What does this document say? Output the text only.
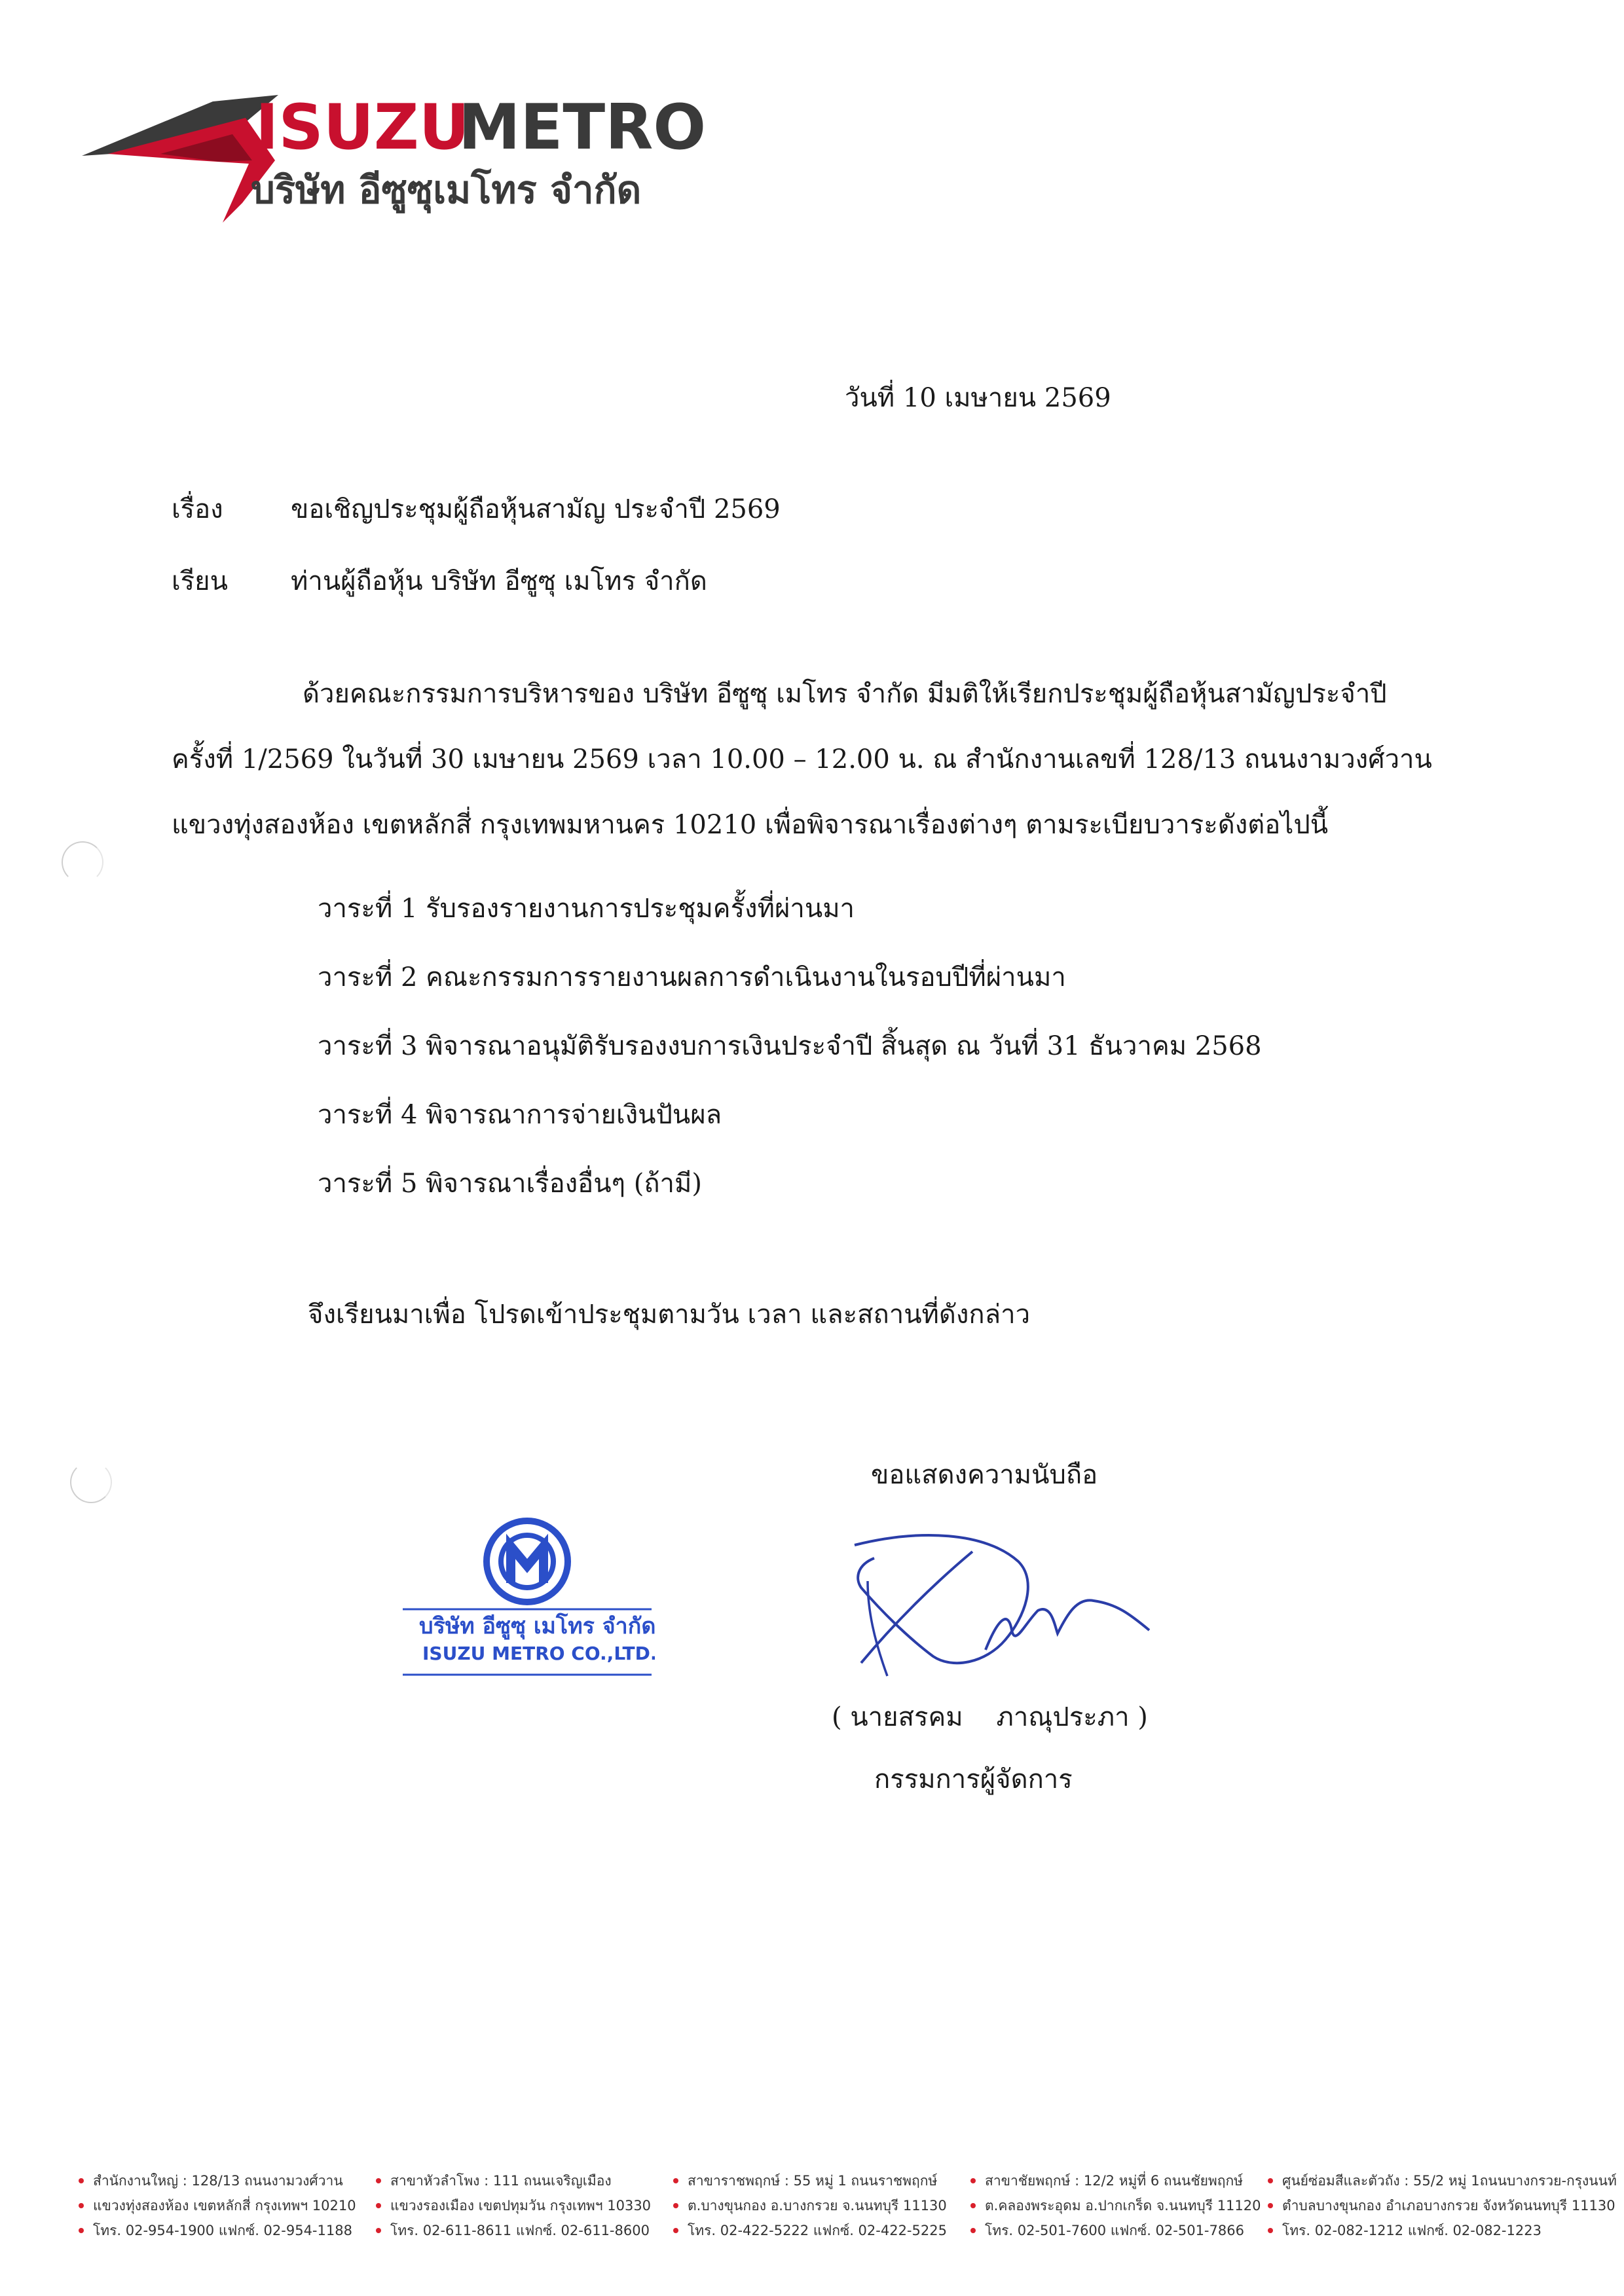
ISUZU
METRO
บริษัท อีซูซุเมโทร จำกัด
วันที่ 10 เมษายน 2569
เรื่อง	ขอเชิญประชุมผู้ถือหุ้นสามัญ ประจำปี 2569
เรียน ท่านผู้ถือหุ้น บริษัท อีซูซุ เมโทร จำกัด
ด้วยคณะกรรมการบริหารของ บริษัท อีซูซุ เมโทร จำกัด มีมติให้เรียกประชุมผู้ถือหุ้นสามัญประจำปี
ครั้งที่ 1/2569 ในวันที่ 30 เมษายน 2569 เวลา 10.00 – 12.00 น. ณ สำนักงานเลขที่ 128/13 ถนนงามวงศ์วาน
แขวงทุ่งสองห้อง เขตหลักสี่ กรุงเทพมหานคร 10210 เพื่อพิจารณาเรื่องต่างๆ ตามระเบียบวาระดังต่อไปนี้
วาระที่ 1 รับรองรายงานการประชุมครั้งที่ผ่านมา
วาระที่ 2 คณะกรรมการรายงานผลการดำเนินงานในรอบปีที่ผ่านมา
วาระที่ 3 พิจารณาอนุมัติรับรองงบการเงินประจำปี สิ้นสุด ณ วันที่ 31 ธันวาคม 2568
วาระที่ 4 พิจารณาการจ่ายเงินปันผล
วาระที่ 5 พิจารณาเรื่องอื่นๆ (ถ้ามี)
จึงเรียนมาเพื่อ โปรดเข้าประชุมตามวัน เวลา และสถานที่ดังกล่าว
ขอแสดงความนับถือ
บริษัท อีซูซุ เมโทร จำกัด
ISUZU METRO CO.,LTD.
( นายสรคม    ภาณุประภา )
กรรมการผู้จัดการ
สำนักงานใหญ่ : 128/13 ถนนงามวงศ์วาน
แขวงทุ่งสองห้อง เขตหลักสี่ กรุงเทพฯ 10210
โทร. 02-954-1900 แฟกซ์. 02-954-1188
สาขาหัวลำโพง : 111 ถนนเจริญเมือง
แขวงรองเมือง เขตปทุมวัน กรุงเทพฯ 10330
โทร. 02-611-8611 แฟกซ์. 02-611-8600
สาขาราชพฤกษ์ : 55 หมู่ 1 ถนนราชพฤกษ์
ต.บางขุนกอง อ.บางกรวย จ.นนทบุรี 11130
โทร. 02-422-5222 แฟกซ์. 02-422-5225
สาขาชัยพฤกษ์ : 12/2 หมู่ที่ 6 ถนนชัยพฤกษ์
ต.คลองพระอุดม อ.ปากเกร็ด จ.นนทบุรี 11120
โทร. 02-501-7600 แฟกซ์. 02-501-7866
ศูนย์ซ่อมสีและตัวถัง : 55/2 หมู่ 1ถนนบางกรวย-กรุงนนท์
ตำบลบางขุนกอง อำเภอบางกรวย จังหวัดนนทบุรี 11130
โทร. 02-082-1212 แฟกซ์. 02-082-1223
